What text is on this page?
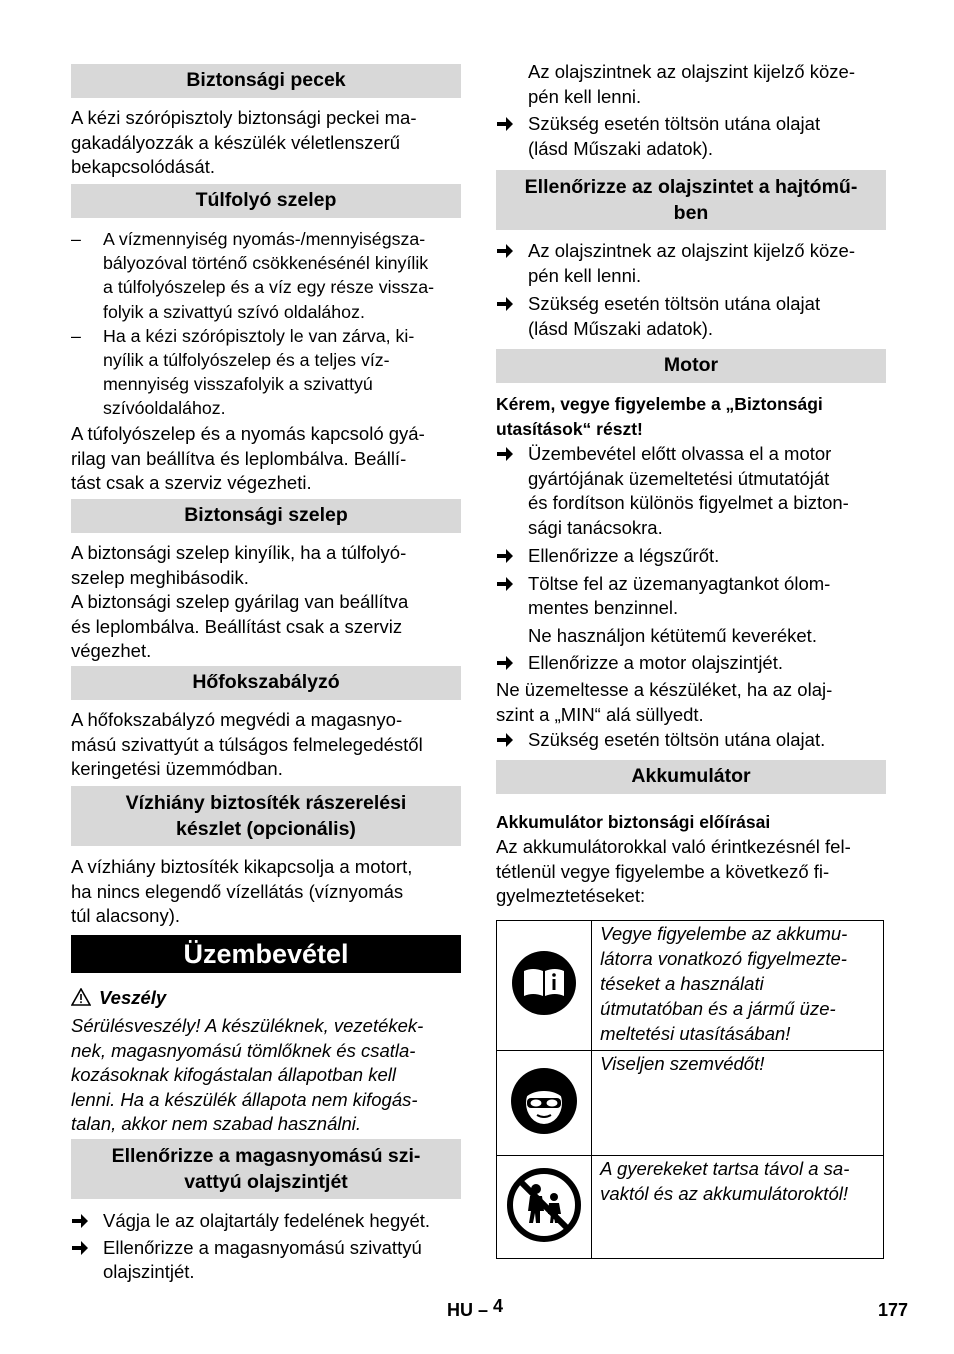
Biztonsági pecek

A kézi szórópisztoly biztonsági peckei ma-

gakadályozzák a készülék véletlenszerű

bekapcsolódását.

Túlfolyó szelep
– A vízmennyiség nyomás-/mennyiségsza-
bályozóval történő csökkenésénél kinyílik
a túlfolyószelep és a víz egy része vissza-
folyik a szivattyú szívó oldalához.
– Ha a kézi szórópisztoly le van zárva, ki-
nyílik a túlfolyószelep és a teljes víz-
mennyiség visszafolyik a szivattyú
szívóoldalához.

A túfolyószelep és a nyomás kapcsoló gyá-

rilag van beállítva és leplombálva. Beállí-

tást csak a szerviz végezheti.

Biztonsági szelep

A biztonsági szelep kinyílik, ha a túlfolyó-

szelep meghibásodik.

A biztonsági szelep gyárilag van beállítva

és leplombálva. Beállítást csak a szerviz

végezhet.

Hőfokszabályzó

A hőfokszabályzó megvédi a magasnyo-

mású szivattyút a túlságos felmelegedéstől

keringetési üzemmódban.

Vízhiány biztosíték rászerelési
készlet (opcionális)

A vízhiány biztosíték kikapcsolja a motort,

ha nincs elegendő vízellátás (víznyomás

túl alacsony).

Üzembevétel
Veszély

Sérülésveszély! A készüléknek, vezetékek-

nek, magasnyomású tömlőknek és csatla-

kozásoknak kifogástalan állapotban kell

lenni. Ha a készülék állapota nem kifogás-

talan, akkor nem szabad használni.

Ellenőrizze a magasnyomású szi-
vattyú olajszintjét
Vágja le az olajtartály fedelének hegyét.
Ellenőrizze a magasnyomású szivattyú
olajszintjét.

Az olajszintnek az olajszint kijelző köze-

pén kell lenni.

Szükség esetén töltsön utána olajat
(lásd Műszaki adatok).
Ellenőrizze az olajszintet a hajtómű-
ben
Az olajszintnek az olajszint kijelző köze-
pén kell lenni.
Szükség esetén töltsön utána olajat
(lásd Műszaki adatok).
Motor
Kérem, vegye figyelembe a „Biztonsági
utasítások“ részt!
Üzembevétel előtt olvassa el a motor
gyártójának üzemeltetési útmutatóját
és fordítson különös figyelmet a bizton-
sági tanácsokra.
Ellenőrizze a légszűrőt.
Töltse fel az üzemanyagtankot ólom-
mentes benzinnel.
Ne használjon kétütemű keveréket.
Ellenőrizze a motor olajszintjét.

Ne üzemeltesse a készüléket, ha az olaj-

szint a „MIN“ alá süllyedt.

Szükség esetén töltsön utána olajat.
Akkumulátor
Akkumulátor biztonsági előírásai

Az akkumulátorokkal való érintkezésnél fel-

tétlenül vegye figyelembe a következő fi-

gyelmeztetéseket:

Vegye figyelembe az akkumu-
látorra vonatkozó figyelmezte-
téseket a használati
útmutatóban és a jármű üze-
meltetési utasításában!

Viseljen szemvédőt!

A gyerekeket tartsa távol a sa-
vaktól és az akkumulátoroktól!
HU – 4	177
